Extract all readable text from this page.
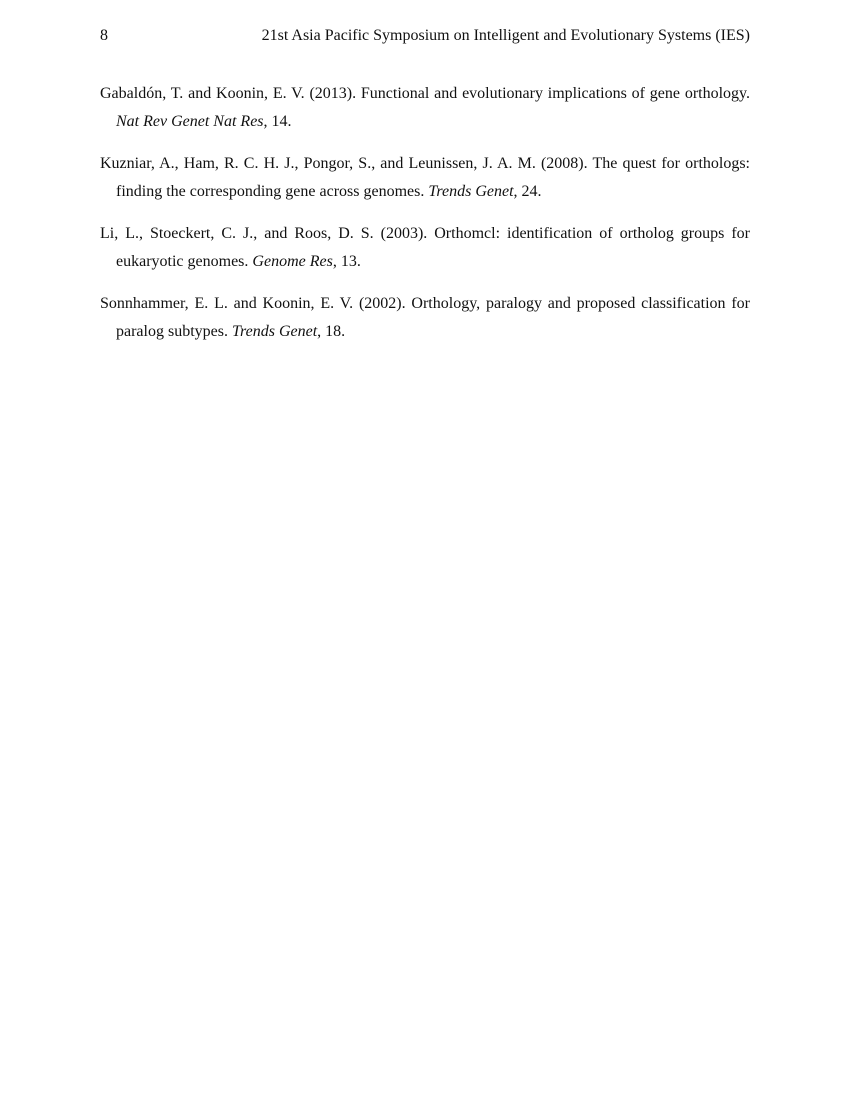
8	21st Asia Pacific Symposium on Intelligent and Evolutionary Systems (IES)
Gabaldón, T. and Koonin, E. V. (2013). Functional and evolutionary implications of gene orthology. Nat Rev Genet Nat Res, 14.
Kuzniar, A., Ham, R. C. H. J., Pongor, S., and Leunissen, J. A. M. (2008). The quest for orthologs: finding the corresponding gene across genomes. Trends Genet, 24.
Li, L., Stoeckert, C. J., and Roos, D. S. (2003). Orthomcl: identification of ortholog groups for eukaryotic genomes. Genome Res, 13.
Sonnhammer, E. L. and Koonin, E. V. (2002). Orthology, paralogy and proposed classification for paralog subtypes. Trends Genet, 18.
